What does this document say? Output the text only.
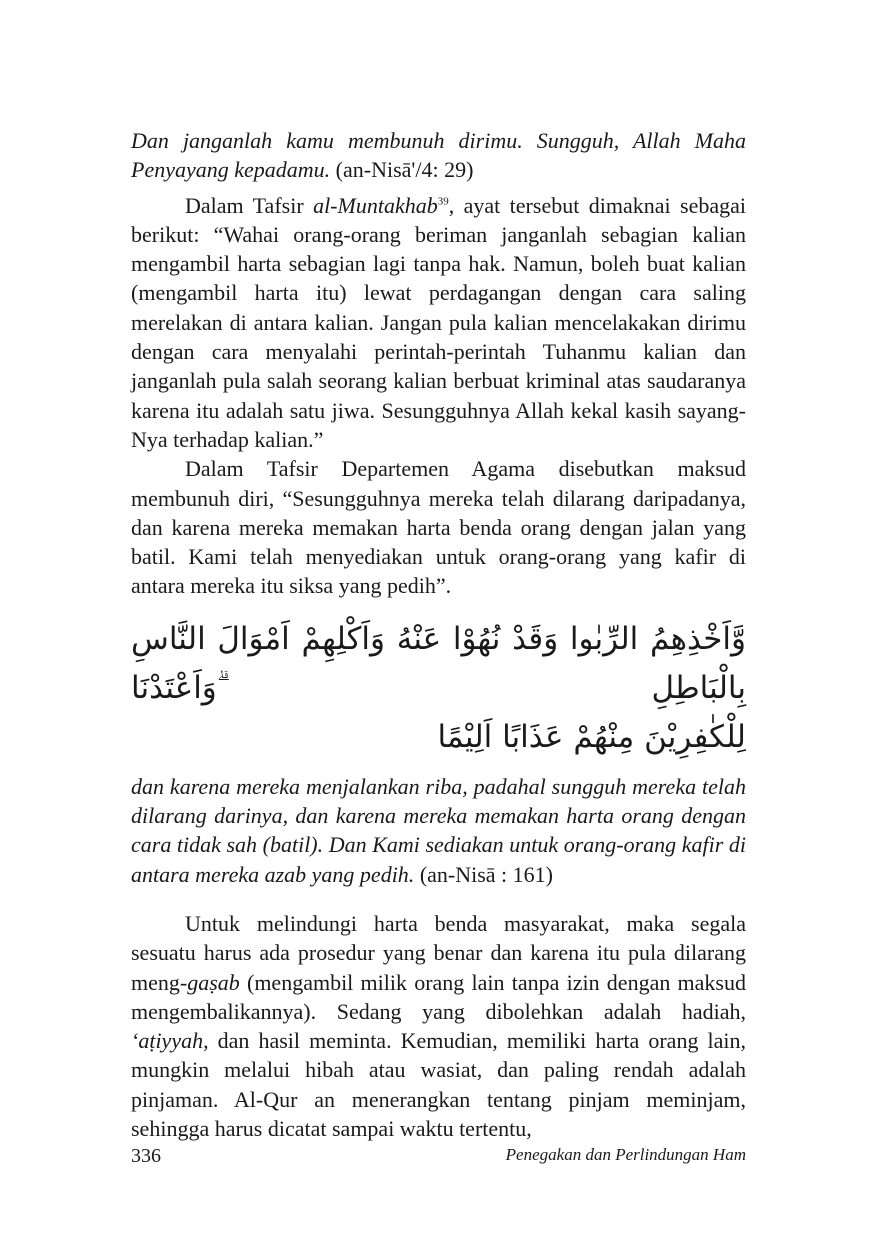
Dan janganlah kamu membunuh dirimu. Sungguh, Allah Maha Penyayang kepadamu. (an-Nisā'/4: 29)

Dalam Tafsir al-Muntakhab$^{39}$, ayat tersebut dimaknai sebagai berikut: “Wahai orang-orang beriman janganlah sebagian kalian mengambil harta sebagian lagi tanpa hak. Namun, boleh buat kalian (mengambil harta itu) lewat perdagangan dengan cara saling merelakan di antara kalian. Jangan pula kalian mencelakakan dirimu dengan cara menyalahi perintah-perintah Tuhanmu kalian dan janganlah pula salah seorang kalian berbuat kriminal atas saudaranya karena itu adalah satu jiwa. Sesungguhnya Allah kekal kasih sayang-Nya terhadap kalian.”

Dalam Tafsir Departemen Agama disebutkan maksud membunuh diri, “Sesungguhnya mereka telah dilarang daripadanya, dan karena mereka memakan harta benda orang dengan jalan yang batil. Kami telah menyediakan untuk orang-orang yang kafir di antara mereka itu siksa yang pedih”.

وَّاَخْذِهِمُ الرِّبٰوا وَقَدْ نُهُوْا عَنْهُ وَاَكْلِهِمْ اَمْوَالَ النَّاسِ بِالْبَاطِلِ ۗوَاَعْتَدْنَا
لِلْكٰفِرِيْنَ مِنْهُمْ عَذَابًا اَلِيْمًا

dan karena mereka menjalankan riba, padahal sungguh mereka telah dilarang darinya, dan karena mereka memakan harta orang dengan cara tidak sah (batil). Dan Kami sediakan untuk orang-orang kafir di antara mereka azab yang pedih. (an-Nisā : 161)

Untuk melindungi harta benda masyarakat, maka segala sesuatu harus ada prosedur yang benar dan karena itu pula dilarang meng-gaṣab (mengambil milik orang lain tanpa izin dengan maksud mengembalikannya). Sedang yang dibolehkan adalah hadiah, ‘aṭiyyah, dan hasil meminta. Kemudian, memiliki harta orang lain, mungkin melalui hibah atau wasiat, dan paling rendah adalah pinjaman. Al-Qur an menerangkan tentang pinjam meminjam, sehingga harus dicatat sampai waktu tertentu,

336	Penegakan dan Perlindungan Ham
